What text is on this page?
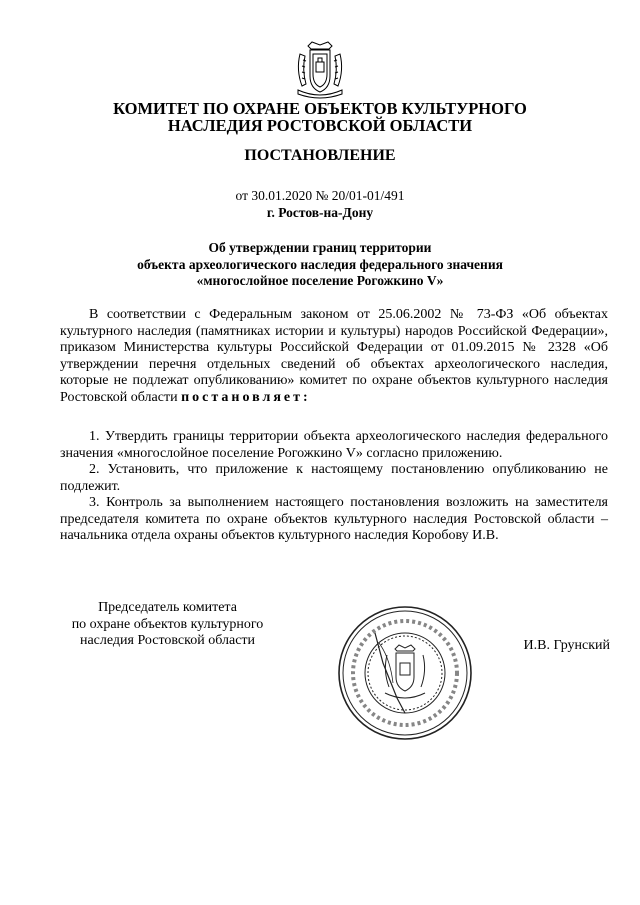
КОМИТЕТ ПО ОХРАНЕ ОБЪЕКТОВ КУЛЬТУРНОГО
НАСЛЕДИЯ РОСТОВСКОЙ ОБЛАСТИ
ПОСТАНОВЛЕНИЕ
от 30.01.2020 № 20/01-01/491
г. Ростов-на-Дону
Об утверждении границ территории
объекта археологического наследия федерального значения
«многослойное поселение Рогожкино V»

В соответствии с Федеральным законом от 25.06.2002 № 73-ФЗ «Об объектах культурного наследия (памятниках истории и культуры) народов Российской Федерации», приказом Министерства культуры Российской Федерации от 01.09.2015 № 2328 «Об утверждении перечня отдельных сведений об объектах археологического наследия, которые не подлежат опубликованию» комитет по охране объектов культурного наследия Ростовской области постановляет:

1. Утвердить границы территории объекта археологического наследия федерального значения «многослойное поселение Рогожкино V» согласно приложению.

2. Установить, что приложение к настоящему постановлению опубликованию не подлежит.

3. Контроль за выполнением настоящего постановления возложить на заместителя председателя комитета по охране объектов культурного наследия Ростовской области – начальника отдела охраны объектов культурного наследия Коробову И.В.

Председатель комитета
по охране объектов культурного
наследия Ростовской области	И.В. Грунский
